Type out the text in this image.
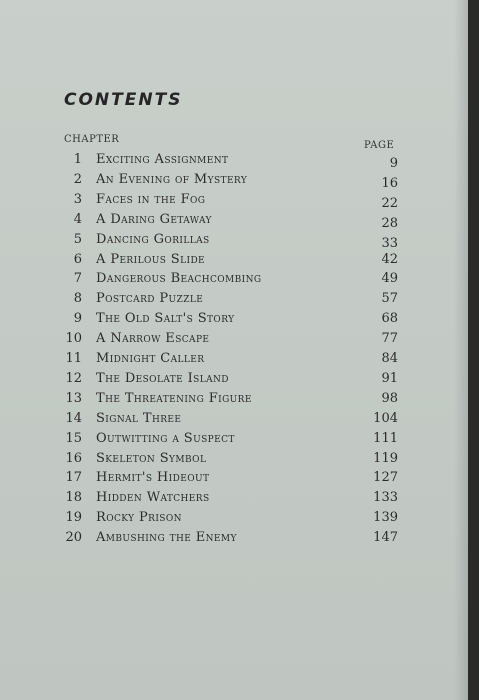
CONTENTS
CHAPTER
PAGE
1 Exciting Assignment	9
2 An Evening of Mystery	16
3 Faces in the Fog	22
4 A Daring Getaway	28
5 Dancing Gorillas	33
6 A Perilous Slide	42
7 Dangerous Beachcombing	49
8 Postcard Puzzle	57
9 The Old Salt's Story	68
10 A Narrow Escape	77
11 Midnight Caller	84
12 The Desolate Island	91
13 The Threatening Figure	98
14 Signal Three	104
15 Outwitting a Suspect	111
16 Skeleton Symbol	119
17 Hermit's Hideout	127
18 Hidden Watchers	133
19 Rocky Prison	139
20 Ambushing the Enemy	147
